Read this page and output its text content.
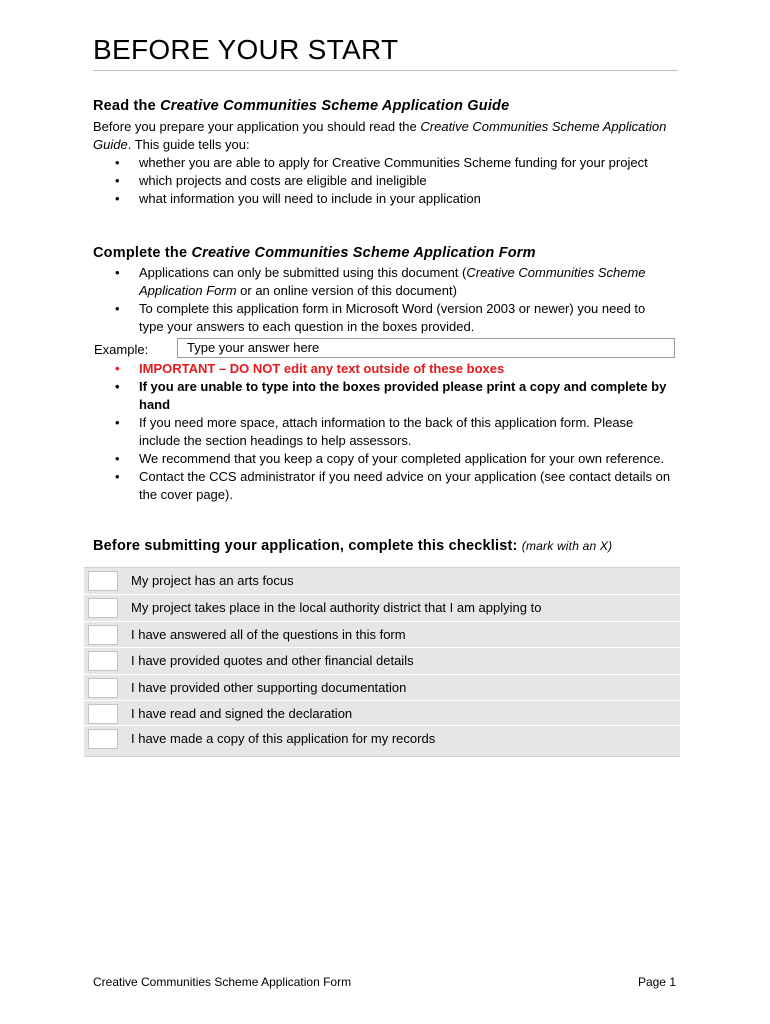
BEFORE YOUR START
Read the Creative Communities Scheme Application Guide

Before you prepare your application you should read the Creative Communities Scheme Application Guide. This guide tells you:

• whether you are able to apply for Creative Communities Scheme funding for your project
• which projects and costs are eligible and ineligible
• what information you will need to include in your application
Complete the Creative Communities Scheme Application Form
• Applications can only be submitted using this document (Creative Communities Scheme Application Form or an online version of this document)
• To complete this application form in Microsoft Word (version 2003 or newer) you need to type your answers to each question in the boxes provided.
Example:	Type your answer here
• IMPORTANT – DO NOT edit any text outside of these boxes
• If you are unable to type into the boxes provided please print a copy and complete by hand
• If you need more space, attach information to the back of this application form. Please include the section headings to help assessors.
• We recommend that you keep a copy of your completed application for your own reference.
• Contact the CCS administrator if you need advice on your application (see contact details on the cover page).
Before submitting your application, complete this checklist: (mark with an X)
My project has an arts focus
My project takes place in the local authority district that I am applying to
I have answered all of the questions in this form
I have provided quotes and other financial details
I have provided other supporting documentation
I have read and signed the declaration
I have made a copy of this application for my records
Creative Communities Scheme Application Form	Page 1
